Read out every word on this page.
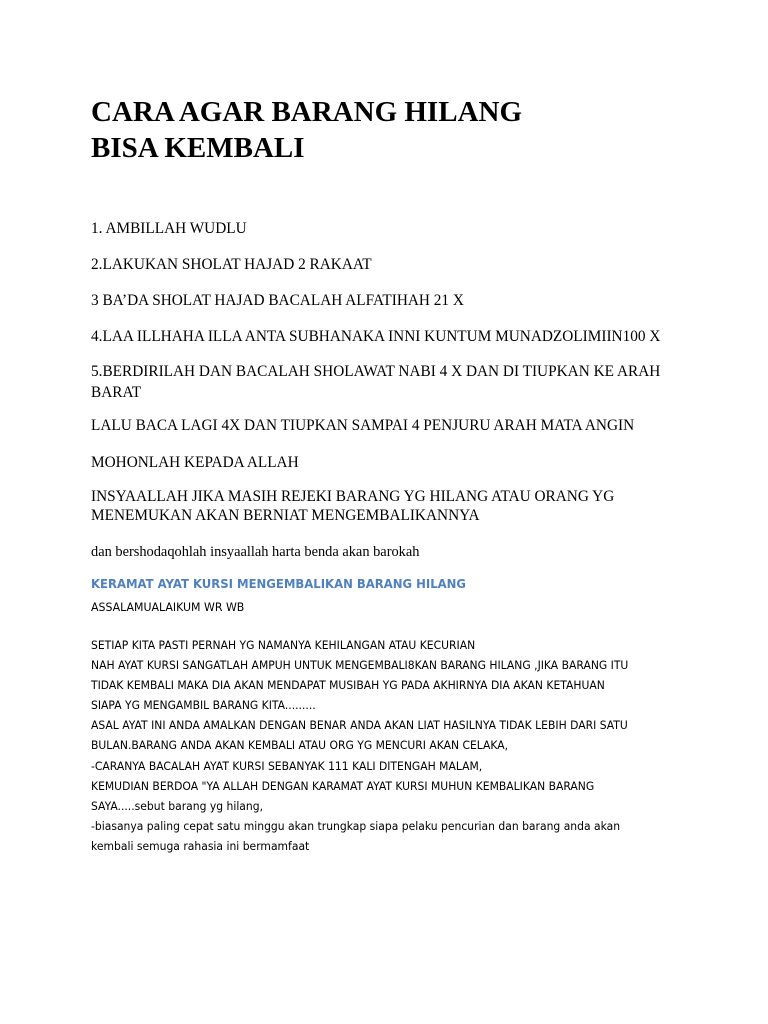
CARA AGAR BARANG HILANG
BISA KEMBALI

1. AMBILLAH WUDLU

2.LAKUKAN SHOLAT HAJAD 2 RAKAAT

3 BA’DA SHOLAT HAJAD BACALAH ALFATIHAH 21 X

4.LAA ILLHAHA ILLA ANTA SUBHANAKA INNI KUNTUM MUNADZOLIMIIN100 X

5.BERDIRILAH DAN BACALAH SHOLAWAT NABI 4 X DAN DI TIUPKAN KE ARAH
BARAT

LALU BACA LAGI 4X DAN TIUPKAN SAMPAI 4 PENJURU ARAH MATA ANGIN

MOHONLAH KEPADA ALLAH

INSYAALLAH JIKA MASIH REJEKI BARANG YG HILANG ATAU ORANG YG
MENEMUKAN AKAN BERNIAT MENGEMBALIKANNYA

dan bershodaqohlah insyaallah harta benda akan barokah

KERAMAT AYAT KURSI MENGEMBALIKAN BARANG HILANG
ASSALAMUALAIKUM WR WB
SETIAP KITA PASTI PERNAH YG NAMANYA KEHILANGAN ATAU KECURIAN
NAH AYAT KURSI SANGATLAH AMPUH UNTUK MENGEMBALI8KAN BARANG HILANG ,JIKA BARANG ITU
TIDAK KEMBALI MAKA DIA AKAN MENDAPAT MUSIBAH YG PADA AKHIRNYA DIA AKAN KETAHUAN
SIAPA YG MENGAMBIL BARANG KITA.........
ASAL AYAT INI ANDA AMALKAN DENGAN BENAR ANDA AKAN LIAT HASILNYA TIDAK LEBIH DARI SATU
BULAN.BARANG ANDA AKAN KEMBALI ATAU ORG YG MENCURI AKAN CELAKA,
-CARANYA BACALAH AYAT KURSI SEBANYAK 111 KALI DITENGAH MALAM,
KEMUDIAN BERDOA "YA ALLAH DENGAN KARAMAT AYAT KURSI MUHUN KEMBALIKAN BARANG
SAYA.....sebut barang yg hilang,
-biasanya paling cepat satu minggu akan trungkap siapa pelaku pencurian dan barang anda akan
kembali semuga rahasia ini bermamfaat
